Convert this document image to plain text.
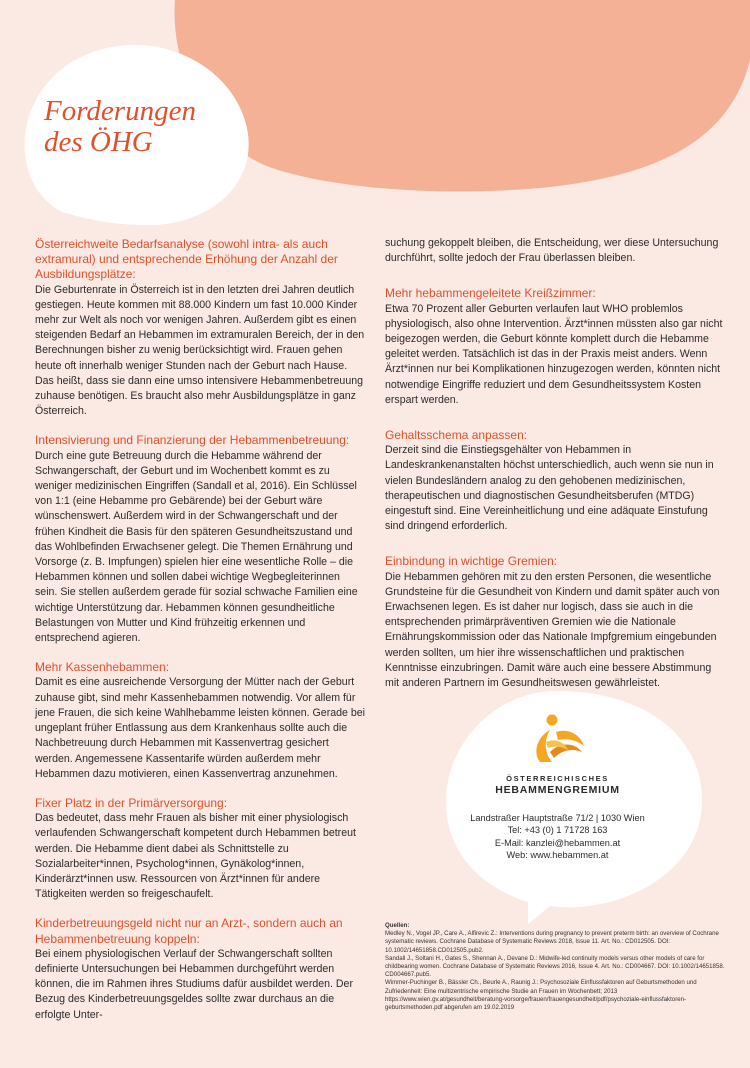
Forderungen
des ÖHG
Österreichweite Bedarfsanalyse (sowohl intra- als auch extramural) und entsprechende Erhöhung der Anzahl der Ausbildungsplätze:

Die Geburtenrate in Österreich ist in den letzten drei Jahren deutlich gestiegen. Heute kommen mit 88.000 Kindern um fast 10.000 Kinder mehr zur Welt als noch vor wenigen Jahren. Außerdem gibt es einen steigenden Bedarf an Hebammen im extramuralen Bereich, der in den Berechnungen bisher zu wenig berücksichtigt wird. Frauen gehen heute oft innerhalb weniger Stunden nach der Geburt nach Hause. Das heißt, dass sie dann eine umso intensivere Hebammenbetreuung zuhause benötigen. Es braucht also mehr Ausbildungsplätze in ganz Österreich.

Intensivierung und Finanzierung der Hebammenbetreuung:

Durch eine gute Betreuung durch die Hebamme während der Schwangerschaft, der Geburt und im Wochenbett kommt es zu weniger medizinischen Eingriffen (Sandall et al, 2016). Ein Schlüssel von 1:1 (eine Hebamme pro Gebärende) bei der Geburt wäre wünschenswert. Außerdem wird in der Schwangerschaft und der frühen Kindheit die Basis für den späteren Gesundheitszustand und das Wohlbefinden Erwachsener gelegt. Die Themen Ernährung und Vorsorge (z. B. Impfungen) spielen hier eine wesentliche Rolle – die Hebammen können und sollen dabei wichtige Wegbegleiterinnen sein. Sie stellen außerdem gerade für sozial schwache Familien eine wichtige Unterstützung dar. Hebammen können gesundheitliche Belastungen von Mutter und Kind frühzeitig erkennen und entsprechend agieren.

Mehr Kassenhebammen:

Damit es eine ausreichende Versorgung der Mütter nach der Geburt zuhause gibt, sind mehr Kassenhebammen notwendig. Vor allem für jene Frauen, die sich keine Wahlhebamme leisten können. Gerade bei ungeplant früher Entlassung aus dem Krankenhaus sollte auch die Nachbetreuung durch Hebammen mit Kassenvertrag gesichert werden. Angemessene Kassentarife würden außerdem mehr Hebammen dazu motivieren, einen Kassenvertrag anzunehmen.

Fixer Platz in der Primärversorgung:

Das bedeutet, dass mehr Frauen als bisher mit einer physiologisch verlaufenden Schwangerschaft kompetent durch Hebammen betreut werden. Die Hebamme dient dabei als Schnittstelle zu Sozialarbeiter*innen, Psycholog*innen, Gynäkolog*innen, Kinderärzt*innen usw. Ressourcen von Ärzt*innen für andere Tätigkeiten werden so freigeschaufelt.

Kinderbetreuungsgeld nicht nur an Arzt-, sondern auch an Hebammenbetreuung koppeln:

Bei einem physiologischen Verlauf der Schwangerschaft sollten definierte Untersuchungen bei Hebammen durchgeführt werden können, die im Rahmen ihres Studiums dafür ausbildet werden. Der Bezug des Kinderbetreuungsgeldes sollte zwar durchaus an die erfolgte Unter-

suchung gekoppelt bleiben, die Entscheidung, wer diese Untersuchung durchführt, sollte jedoch der Frau überlassen bleiben.

Mehr hebammengeleitete Kreißzimmer:

Etwa 70 Prozent aller Geburten verlaufen laut WHO problemlos physiologisch, also ohne Intervention. Ärzt*innen müssten also gar nicht beigezogen werden, die Geburt könnte komplett durch die Hebamme geleitet werden. Tatsächlich ist das in der Praxis meist anders. Wenn Ärzt*innen nur bei Komplikationen hinzugezogen werden, könnten nicht notwendige Eingriffe reduziert und dem Gesundheitssystem Kosten erspart werden.

Gehaltsschema anpassen:

Derzeit sind die Einstiegsgehälter von Hebammen in Landeskrankenanstalten höchst unterschiedlich, auch wenn sie nun in vielen Bundesländern analog zu den gehobenen medizinischen, therapeutischen und diagnostischen Gesundheitsberufen (MTDG) eingestuft sind. Eine Vereinheitlichung und eine adäquate Einstufung sind dringend erforderlich.

Einbindung in wichtige Gremien:

Die Hebammen gehören mit zu den ersten Personen, die wesentliche Grundsteine für die Gesundheit von Kindern und damit später auch von Erwachsenen legen. Es ist daher nur logisch, dass sie auch in die entsprechenden primärpräventiven Gremien wie die Nationale Ernährungskommission oder das Nationale Impfgremium eingebunden werden sollten, um hier ihre wissenschaftlichen und praktischen Kenntnisse einzubringen. Damit wäre auch eine bessere Abstimmung mit anderen Partnern im Gesundheitswesen gewährleistet.

ÖSTERREICHISCHES
HEBAMMENGREMIUM
Landstraßer Hauptstraße 71/2 | 1030 Wien
Tel: +43 (0) 1 71728 163
E-Mail: kanzlei@hebammen.at
Web: www.hebammen.at
Quellen:
Medley N., Vogel JP., Care A., Alfirevic Z.: Interventions during pregnancy to prevent preterm birth: an overview of Cochrane systematic reviews. Cochrane Database of Systematic Reviews 2018, Issue 11. Art. No.: CD012505. DOI: 10.1002/14651858.CD012505.pub2.
Sandall J., Soltani H., Gates S., Shennan A., Devane D.: Midwife-led continuity models versus other models of care for childbearing women. Cochrane Database of Systematic Reviews 2016, Issue 4. Art. No.: CD004667. DOI: 10.1002/14651858. CD004667.pub5.
Wimmer-Puchinger B., Bässler Ch., Beurle A., Raunig J.: Psychosoziale Einflussfaktoren auf Geburtsmethoden und Zufriedenheit: Eine multizentrische empirische Studie an Frauen im Wochenbett; 2013 https://www.wien.gv.at/gesundheit/beratung-vorsorge/frauen/frauengesundheit/pdf/psychoziale-einflussfaktoren-geburtsmethoden.pdf abgerufen am 19.02.2019
